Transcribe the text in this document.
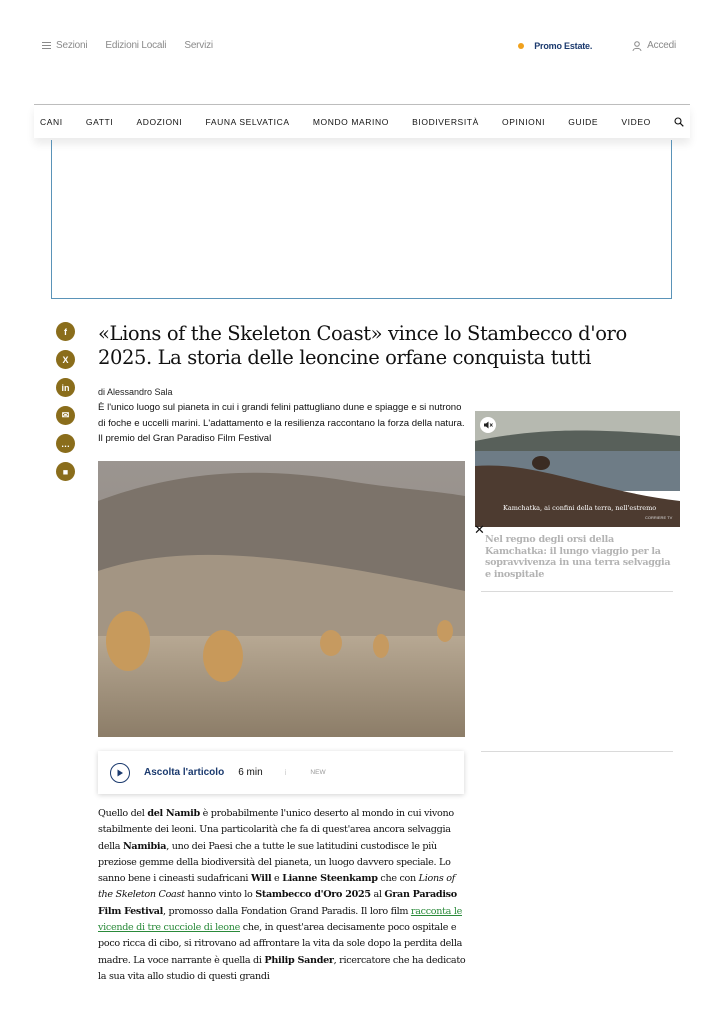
Sezioni Edizioni Locali Servizi	Promo Estate.	Accedi
CANI	GATTI	ADOZIONI	FAUNA SELVATICA	MONDO MARINO	BIODIVERSITÀ	OPINIONI	GUIDE	VIDEO
f
X
in
✉
…
■
«Lions of the Skeleton Coast» vince lo Stambecco d'oro 2025. La storia delle leoncine orfane conquista tutti
di Alessandro Sala
È l'unico luogo sul pianeta in cui i grandi felini pattugliano dune e spiagge e si nutrono di foche e uccelli marini. L'adattamento e la resilienza raccontano la forza della natura. Il premio del Gran Paradiso Film Festival
Ascolta l'articolo 6 min	i	NEW
Quello del del Namib è probabilmente l'unico deserto al mondo in cui vivono stabilmente dei leoni. Una particolarità che fa di quest'area ancora selvaggia della Namibia, uno dei Paesi che a tutte le sue latitudini custodisce le più preziose gemme della biodiversità del pianeta, un luogo davvero speciale. Lo sanno bene i cineasti sudafricani Will e Lianne Steenkamp che con Lions of the Skeleton Coast hanno vinto lo Stambecco d'Oro 2025 al Gran Paradiso Film Festival, promosso dalla Fondation Grand Paradis. Il loro film racconta le vicende di tre cucciole di leone che, in quest'area decisamente poco ospitale e poco ricca di cibo, si ritrovano ad affrontare la vita da sole dopo la perdita della madre. La voce narrante è quella di Philip Sander, ricercatore che ha dedicato la sua vita allo studio di questi grandi
Kamchatka, ai confini della terra, nell'estremo
CORRIERE TV
✕
Nel regno degli orsi della Kamchatka: il lungo viaggio per la sopravvivenza in una terra selvaggia e inospitale
